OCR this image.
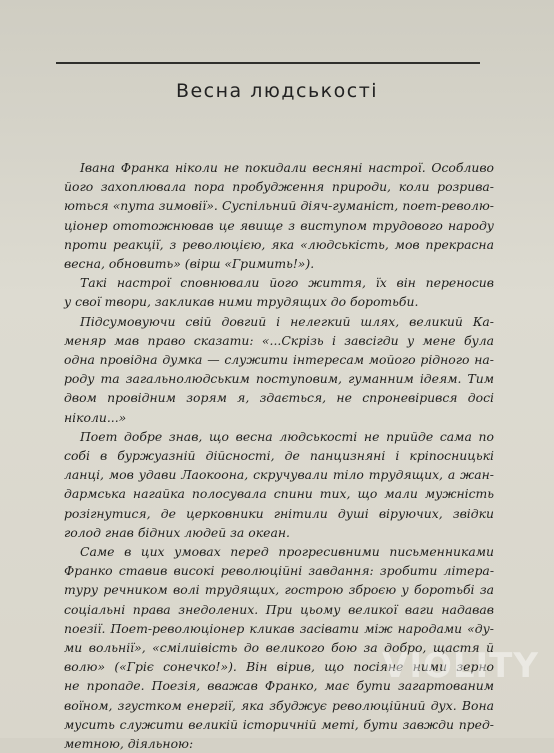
Весна людськості

Івана Франка ніколи не покидали весняні настрої. Особливо
його захоплювала пора пробудження природи, коли розрива-
ються «пута зимовії». Суспільний діяч-гуманіст, поет-револю-
ціонер ототожнював це явище з виступом трудового народу
проти реакції, з революцією, яка «людськість, мов прекрасна
весна, обновить» (вірш «Гримить!»).

Такі настрої сповнювали його життя, їх він переносив
у свої твори, закликав ними трудящих до боротьби.

Підсумовуючи свій довгий і нелегкий шлях, великий Ка-
меняр мав право сказати: «...Скрізь і завсігди у мене була
одна провідна думка — служити інтересам мойого рідного на-
роду та загальнолюдським поступовим, гуманним ідеям. Тим
двом провідним зорям я, здається, не спроневірився досі
ніколи...»

Поет добре знав, що весна людськості не прийде сама по
собі в буржуазній дійсності, де панцизняні і кріпосницькі
ланці, мов удави Лаокоона, скручували тіло трудящих, а жан-
дармська нагайка полосувала спини тих, що мали мужність
розігнутися, де церковники гнітили душі віруючих, звідки
голод гнав бідних людей за океан.

Саме в цих умовах перед прогресивними письменниками
Франко ставив високі революційні завдання: зробити літера-
туру речником волі трудящих, гострою зброєю у боротьбі за
соціальні права знедолених. При цьому великої ваги надавав
поезії. Поет-революціонер кликав засівати між народами «ду-
ми вольнії», «смілиівість до великого бою за добро, щастя й
волю» («Гріє сонечко!»). Він вірив, що посіяне ними зерно
не пропаде. Поезія, вважав Франко, має бути загартованим
воїном, згустком енергії, яка збуджує революційний дух. Вона
мусить служити великій історичній меті, бути завжди пред-
метною, діяльною:

VIOLITY
